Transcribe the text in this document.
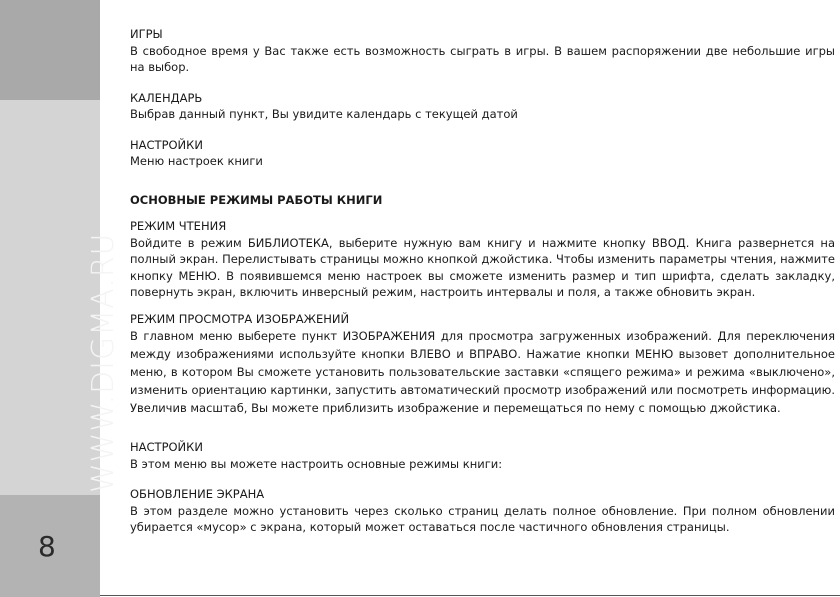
WWW.DIGMA.RU
8
ИГРЫ

В свободное время у Вас также есть возможность сыграть в игры. В вашем распоряжении две небольшие игры на выбор.

КАЛЕНДАРЬ

Выбрав данный пункт, Вы увидите календарь с текущей датой

НАСТРОЙКИ

Меню настроек книги

ОСНОВНЫЕ РЕЖИМЫ РАБОТЫ КНИГИ
РЕЖИМ ЧТЕНИЯ

Войдите в режим БИБЛИОТЕКА, выберите нужную вам книгу и нажмите кнопку ВВОД. Книга развернется на полный экран. Перелистывать страницы можно кнопкой джойстика. Чтобы изменить параметры чтения, нажмите кнопку МЕНЮ. В появившемся меню настроек вы сможете изменить размер и тип шрифта, сделать закладку, повернуть экран, включить инверсный режим, настроить интервалы и поля, а также обновить экран.

РЕЖИМ ПРОСМОТРА ИЗОБРАЖЕНИЙ

В главном меню выберете пункт ИЗОБРАЖЕНИЯ для просмотра загруженных изображений. Для переключения между изображениями используйте кнопки ВЛЕВО и ВПРАВО. Нажатие кнопки МЕНЮ вызовет дополнительное меню, в котором Вы сможете установить пользовательские заставки «спящего режима» и режима «выключено», изменить ориентацию картинки, запустить автоматический просмотр изображений или посмотреть информацию. Увеличив масштаб, Вы можете приблизить изображение и перемещаться по нему с помощью джойстика.

НАСТРОЙКИ

В этом меню вы можете настроить основные режимы книги:

ОБНОВЛЕНИЕ ЭКРАНА

В этом разделе можно установить через сколько страниц делать полное обновление. При полном обновлении убирается «мусор» с экрана, который может оставаться после частичного обновления страницы.
